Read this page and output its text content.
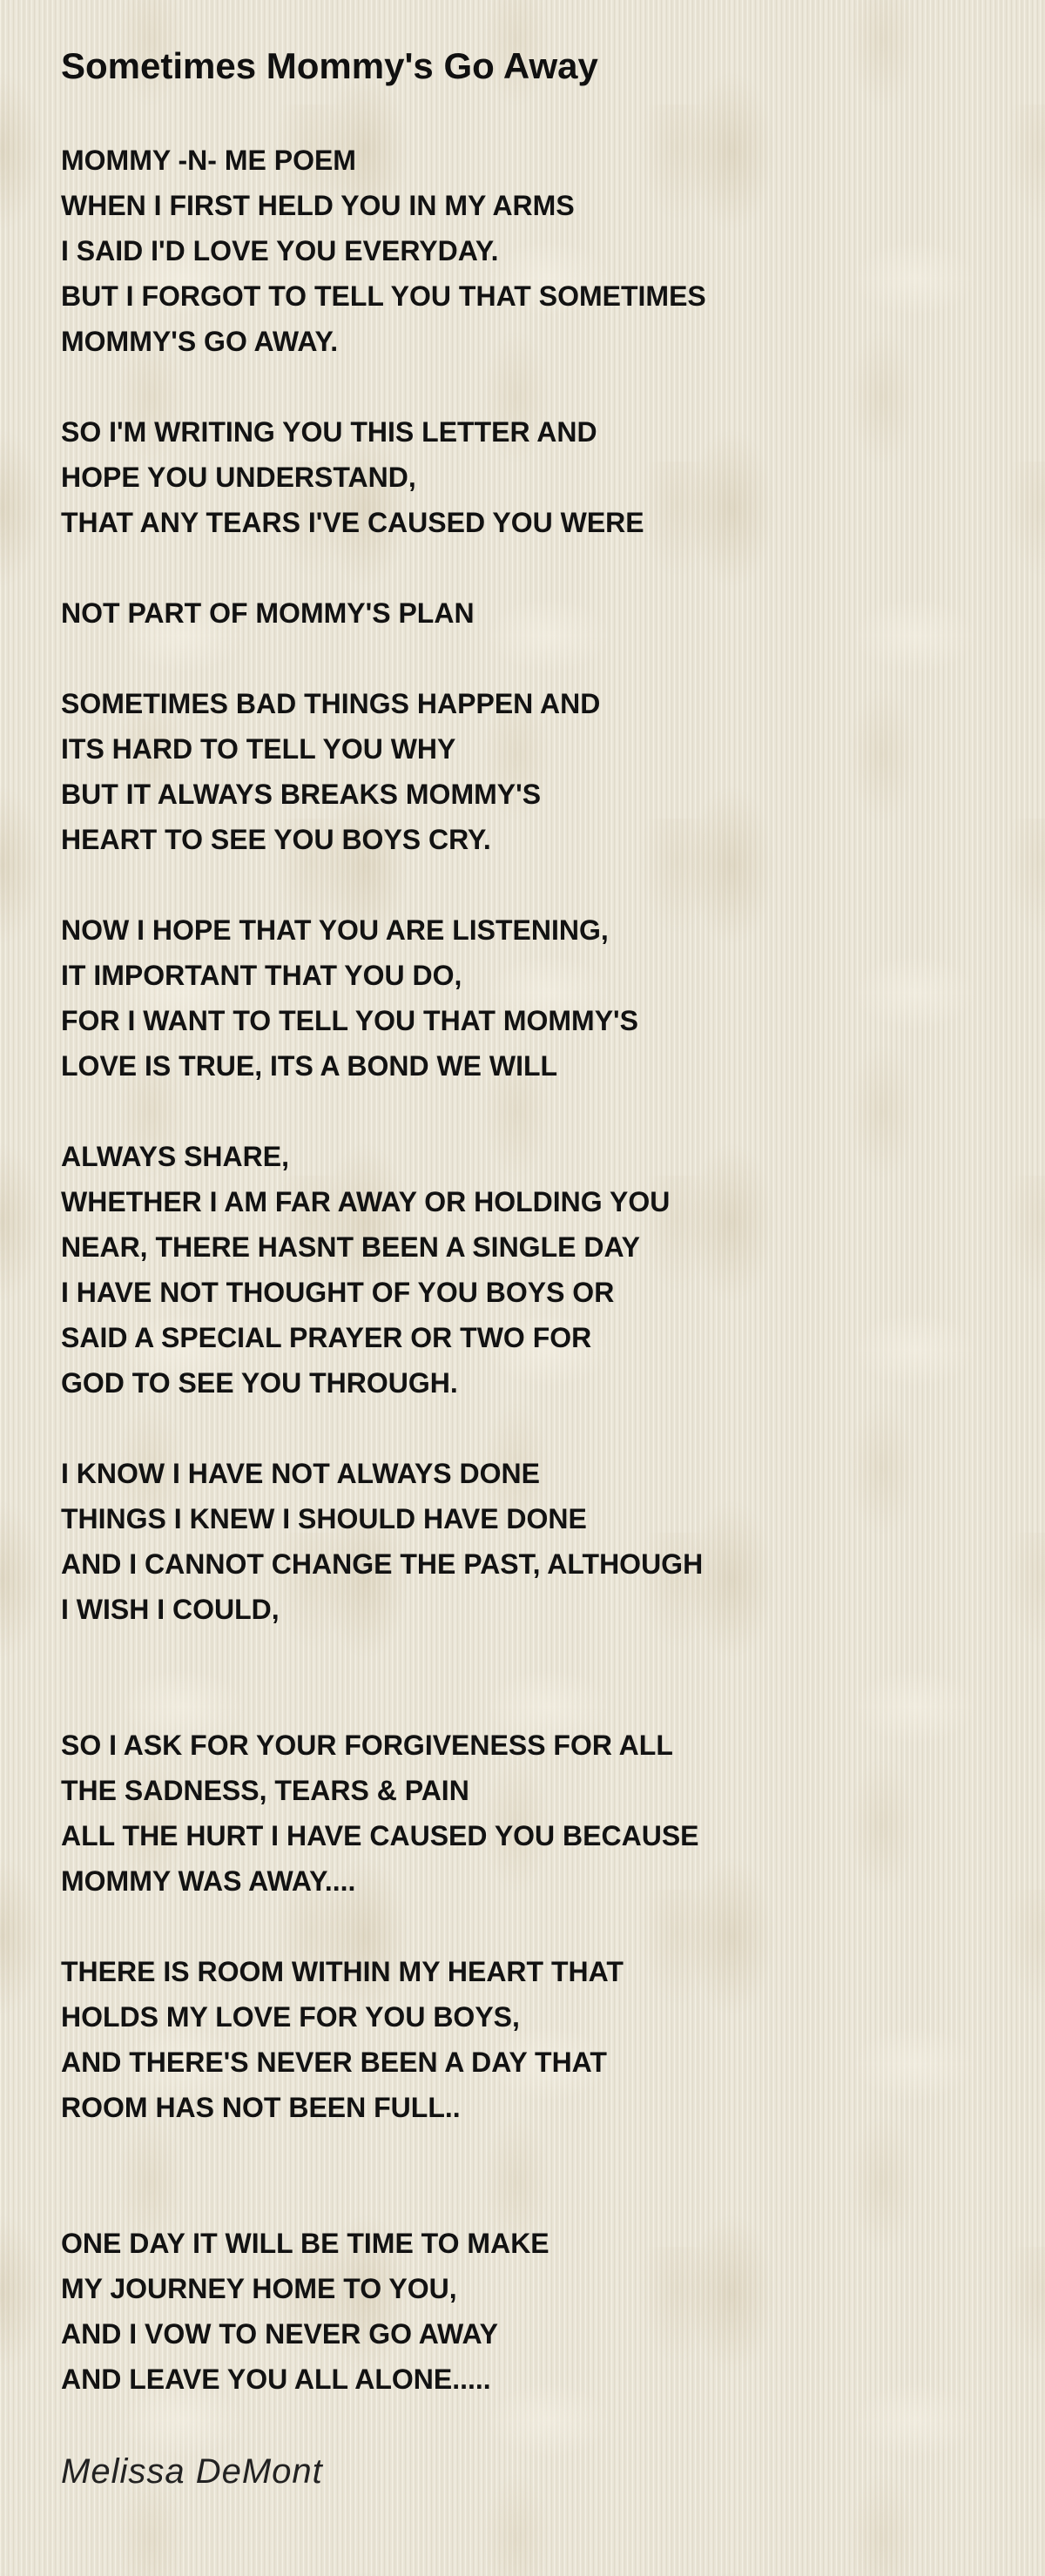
Sometimes Mommy's Go Away
MOMMY -N- ME POEM
WHEN I FIRST HELD YOU IN MY ARMS
I SAID I'D LOVE YOU EVERYDAY.
BUT I FORGOT TO TELL YOU THAT SOMETIMES
MOMMY'S GO AWAY.

SO I'M WRITING YOU THIS LETTER AND
HOPE YOU UNDERSTAND,
THAT ANY TEARS I'VE CAUSED YOU WERE

NOT PART OF MOMMY'S PLAN

SOMETIMES BAD THINGS HAPPEN AND
ITS HARD TO TELL YOU WHY
BUT IT ALWAYS BREAKS MOMMY'S
HEART TO SEE YOU BOYS CRY.

NOW I HOPE THAT YOU ARE LISTENING,
IT IMPORTANT THAT YOU DO,
FOR I WANT TO TELL YOU THAT MOMMY'S
LOVE IS TRUE, ITS A BOND WE WILL

ALWAYS SHARE,
WHETHER I AM FAR AWAY OR HOLDING YOU
NEAR, THERE HASNT BEEN A SINGLE DAY
I HAVE NOT THOUGHT OF YOU BOYS OR
SAID A SPECIAL PRAYER OR TWO FOR
GOD TO SEE YOU THROUGH.

I KNOW I HAVE NOT ALWAYS DONE
THINGS I KNEW I SHOULD HAVE DONE
AND I CANNOT CHANGE THE PAST, ALTHOUGH
I WISH I COULD,

SO I ASK FOR YOUR FORGIVENESS FOR ALL
THE SADNESS, TEARS & PAIN
ALL THE HURT I HAVE CAUSED YOU BECAUSE
MOMMY WAS AWAY....

THERE IS ROOM WITHIN MY HEART THAT
HOLDS MY LOVE FOR YOU BOYS,
AND THERE'S NEVER BEEN A DAY THAT
ROOM HAS NOT BEEN FULL..

ONE DAY IT WILL BE TIME TO MAKE
MY JOURNEY HOME TO YOU,
AND I VOW TO NEVER GO AWAY
AND LEAVE YOU ALL ALONE.....
Melissa DeMont
